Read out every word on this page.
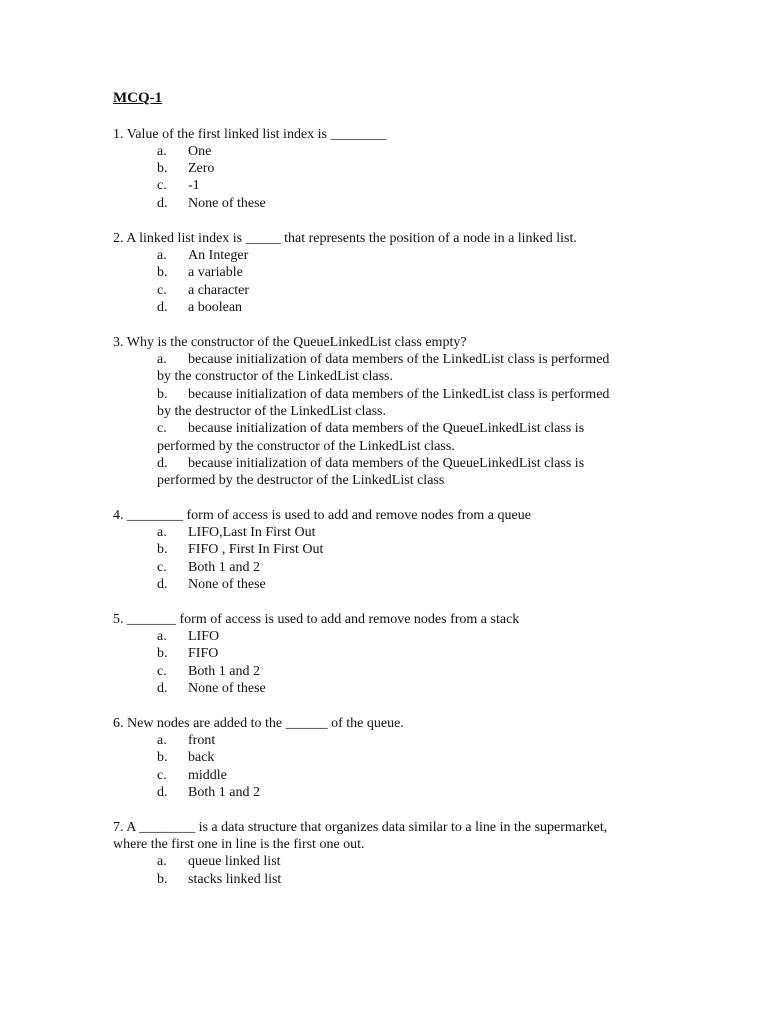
MCQ-1
1. Value of the first linked list index is ________
a. One
b. Zero
c. -1
d. None of these
2. A linked list index is _____ that represents the position of a node in a linked list.
a. An Integer
b. a variable
c. a character
d. a boolean
3. Why is the constructor of the QueueLinkedList class empty?
a. because initialization of data members of the LinkedList class is performed
by the constructor of the LinkedList class.
b. because initialization of data members of the LinkedList class is performed
by the destructor of the LinkedList class.
c. because initialization of data members of the QueueLinkedList class is
performed by the constructor of the LinkedList class.
d. because initialization of data members of the QueueLinkedList class is
performed by the destructor of the LinkedList class
4. ________ form of access is used to add and remove nodes from a queue
a. LIFO,Last In First Out
b. FIFO , First In First Out
c. Both 1 and 2
d. None of these
5. _______ form of access is used to add and remove nodes from a stack
a. LIFO
b. FIFO
c. Both 1 and 2
d. None of these
6. New nodes are added to the ______ of the queue.
a. front
b. back
c. middle
d. Both 1 and 2
7. A ________ is a data structure that organizes data similar to a line in the supermarket,
where the first one in line is the first one out.
a. queue linked list
b. stacks linked list
